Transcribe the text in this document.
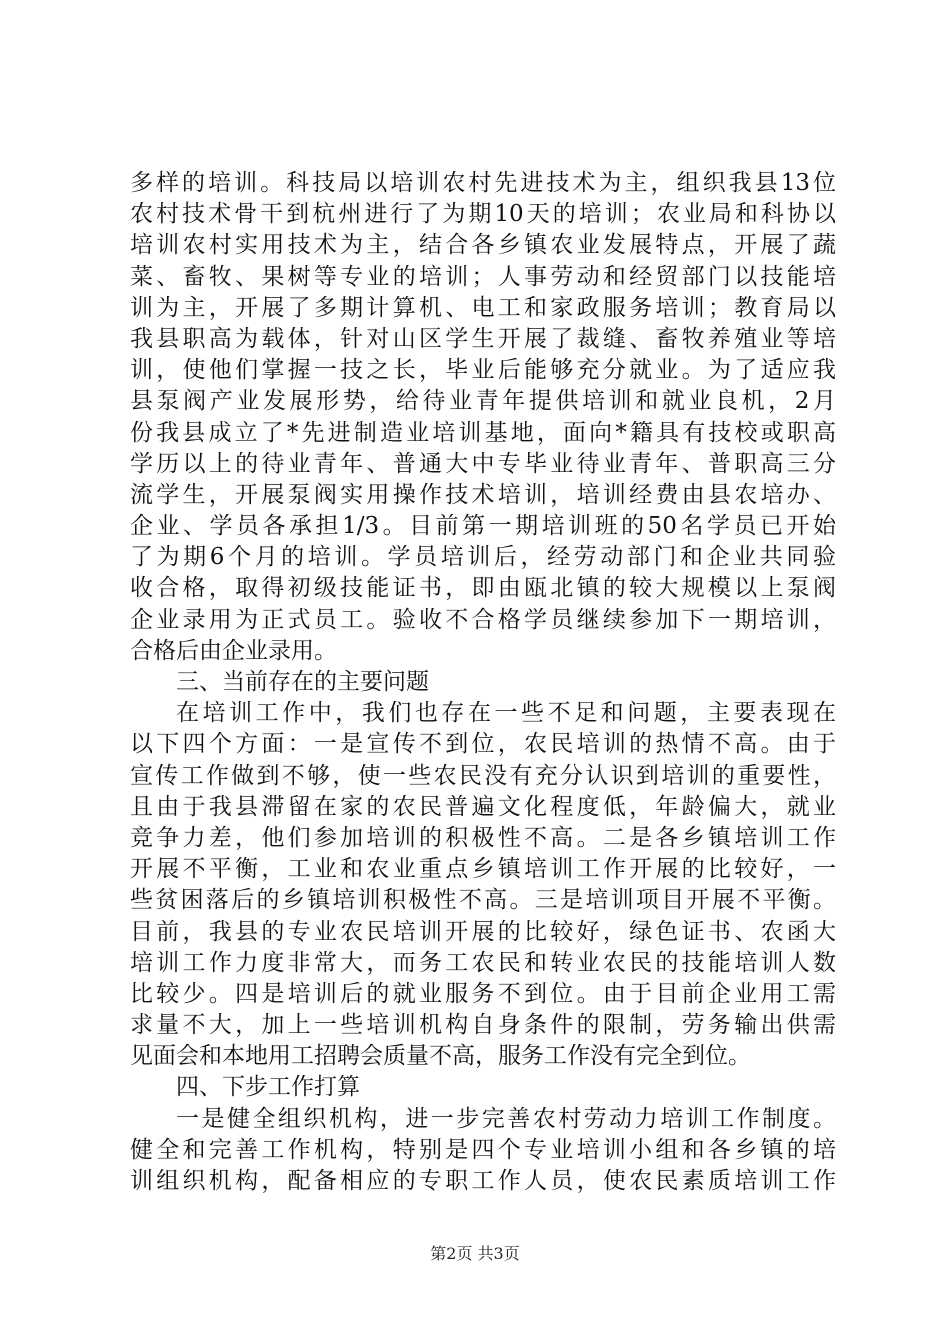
多样的培训。科技局以培训农村先进技术为主，组织我县13位
农村技术骨干到杭州进行了为期10天的培训；农业局和科协以
培训农村实用技术为主，结合各乡镇农业发展特点，开展了蔬
菜、畜牧、果树等专业的培训；人事劳动和经贸部门以技能培
训为主，开展了多期计算机、电工和家政服务培训；教育局以
我县职高为载体，针对山区学生开展了裁缝、畜牧养殖业等培
训，使他们掌握一技之长，毕业后能够充分就业。为了适应我
县泵阀产业发展形势，给待业青年提供培训和就业良机，2月
份我县成立了*先进制造业培训基地，面向*籍具有技校或职高
学历以上的待业青年、普通大中专毕业待业青年、普职高三分
流学生，开展泵阀实用操作技术培训，培训经费由县农培办、
企业、学员各承担1/3。目前第一期培训班的50名学员已开始
了为期6个月的培训。学员培训后，经劳动部门和企业共同验
收合格，取得初级技能证书，即由瓯北镇的较大规模以上泵阀
企业录用为正式员工。验收不合格学员继续参加下一期培训，
合格后由企业录用。
三、当前存在的主要问题
在培训工作中，我们也存在一些不足和问题，主要表现在
以下四个方面：一是宣传不到位，农民培训的热情不高。由于
宣传工作做到不够，使一些农民没有充分认识到培训的重要性，
且由于我县滞留在家的农民普遍文化程度低，年龄偏大，就业
竞争力差，他们参加培训的积极性不高。二是各乡镇培训工作
开展不平衡，工业和农业重点乡镇培训工作开展的比较好，一
些贫困落后的乡镇培训积极性不高。三是培训项目开展不平衡。
目前，我县的专业农民培训开展的比较好，绿色证书、农函大
培训工作力度非常大，而务工农民和转业农民的技能培训人数
比较少。四是培训后的就业服务不到位。由于目前企业用工需
求量不大，加上一些培训机构自身条件的限制，劳务输出供需
见面会和本地用工招聘会质量不高，服务工作没有完全到位。
四、下步工作打算
一是健全组织机构，进一步完善农村劳动力培训工作制度。
健全和完善工作机构，特别是四个专业培训小组和各乡镇的培
训组织机构，配备相应的专职工作人员，使农民素质培训工作
第2页 共3页
